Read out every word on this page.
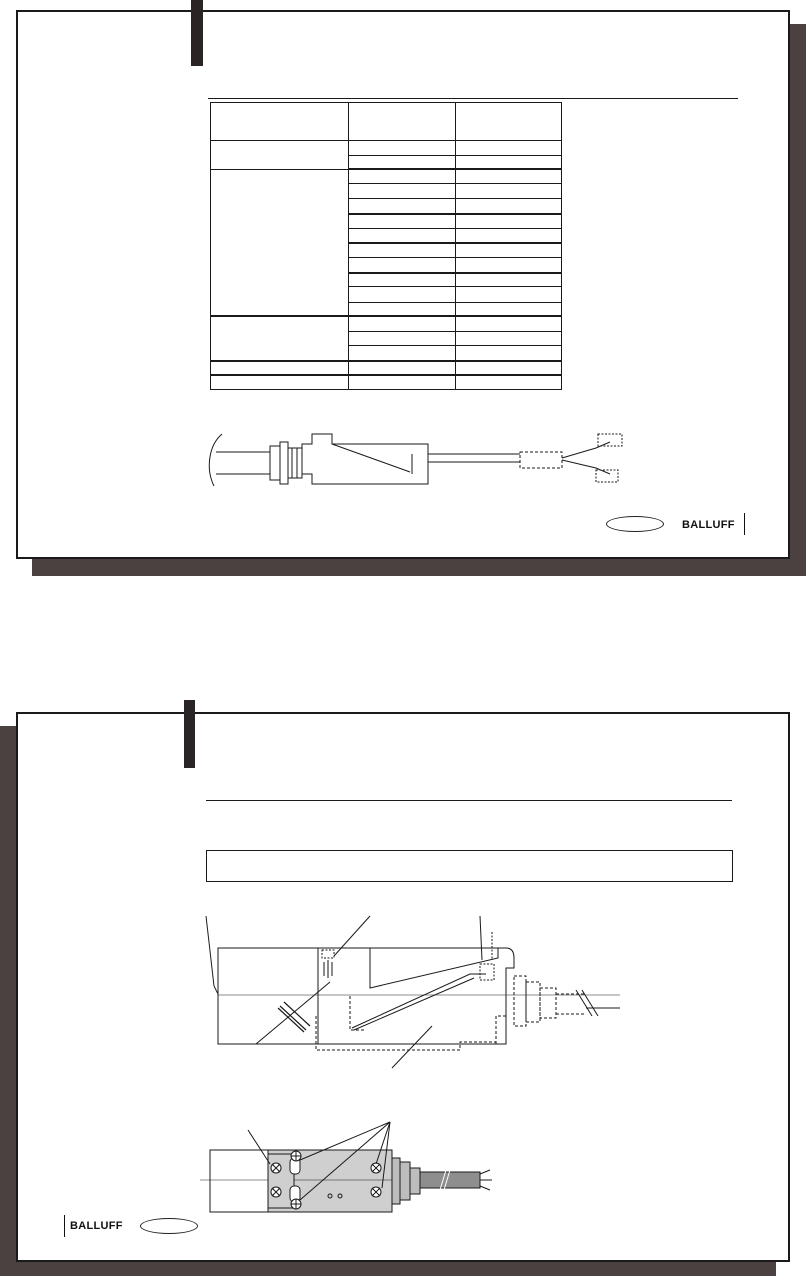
BALLUFF
BALLUFF
